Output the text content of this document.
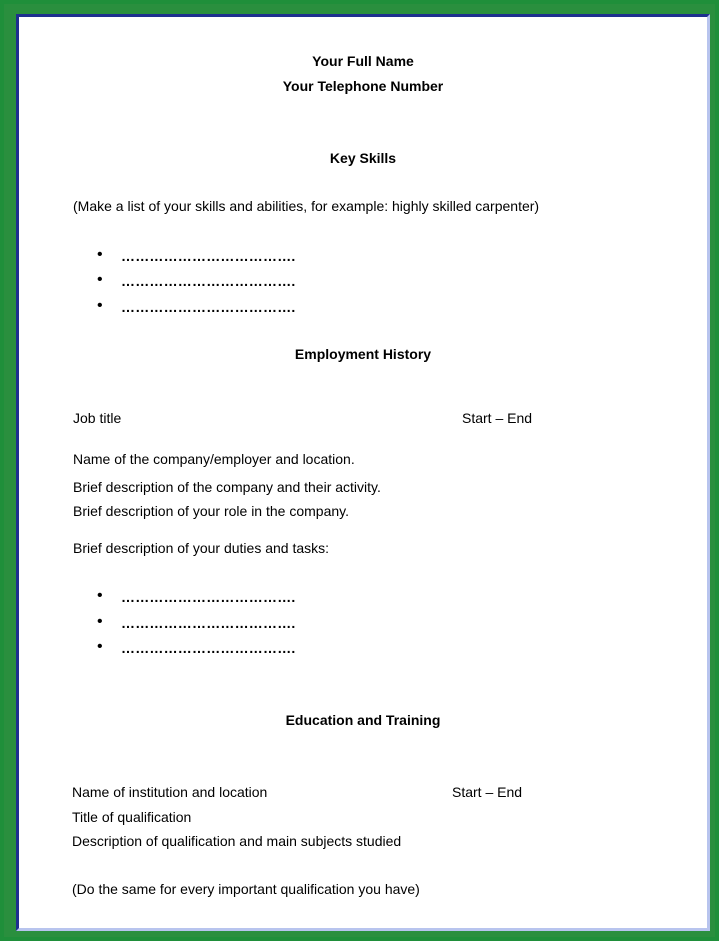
Your Full Name
Your Telephone Number
Key Skills
(Make a list of your skills and abilities, for example: highly skilled carpenter)
• ……………………………….
• ……………………………….
• ……………………………….
Employment History
Job title	Start – End
Name of the company/employer and location.
Brief description of the company and their activity.
Brief description of your role in the company.
Brief description of your duties and tasks:
• ……………………………….
• ……………………………….
• ……………………………….
Education and Training
Name of institution and location	Start – End
Title of qualification
Description of qualification and main subjects studied
(Do the same for every important qualification you have)
